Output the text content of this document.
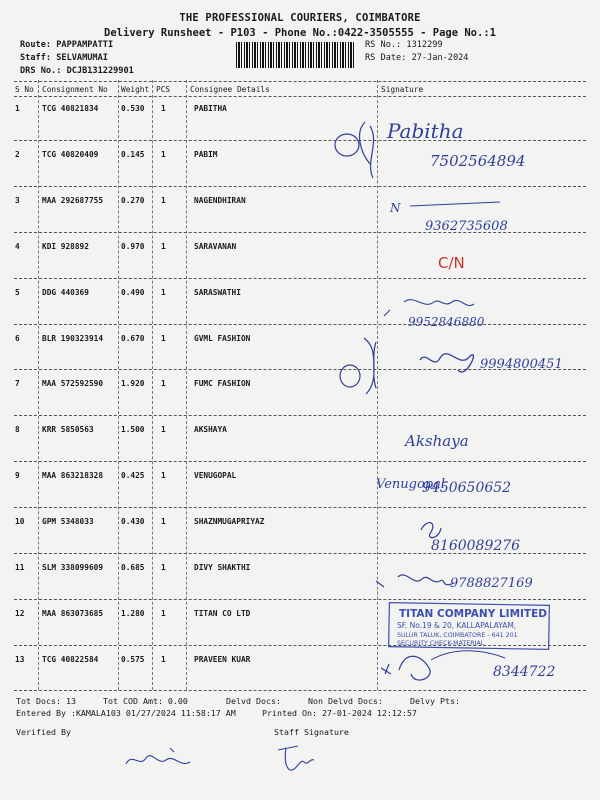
THE PROFESSIONAL COURIERS, COIMBATORE
Delivery Runsheet - P103 - Phone No.:0422-3505555 - Page No.:1
Route: PAPPAMPATTI
Staff: SELVAMUMAI
DRS No.: DCJB131229901
RS No.: 1312299
RS Date: 27-Jan-2024
S No Consignment No Weight PCS	Consignee Details	Signature
1	TCG 40821834	0.530 1	PABITHA
2	TCG 40820409	0.145 1	PABIM
3	MAA 292687755 0.270 1	NAGENDHIRAN
4	KDI 928892	0.970 1	SARAVANAN
5	DDG 440369	0.490 1	SARASWATHI
6	BLR 190323914 0.670 1	GVML FASHION
7	MAA 572592590 1.920 1	FUMC FASHION
8	KRR 5850563	1.500 1	AKSHAYA
9	MAA 863218328 0.425 1	VENUGOPAL
10 GPM 5348033	0.430 1	SHAZNMUGAPRIYAZ
11 SLM 338099609 0.685 1	DIVY SHAKTHI
12 MAA 863073685 1.280 1	TITAN CO LTD
13 TCG 40822584	0.575 1	PRAVEEN KUAR
Pabitha
7502564894
N
9362735608
C/N
9952846880
9994800451
Akshaya
Venugopal
9450650652
8160089276
9788827169
TITAN COMPANY LIMITED
SF. No.19 & 20, KALLAPALAYAM,
SULUR TALUK, COIMBATORE - 641 201
SECURITY CHECK-MATERIAL
8344722
Tot Docs: 13	Tot COD Amt: 0.00	Delvd Docs:	Non Delvd Docs:	Delvy Pts:
Entered By :KAMALA103 01/27/2024 11:58:17 AM	Printed On: 27-01-2024 12:12:57
Verified By	Staff Signature
